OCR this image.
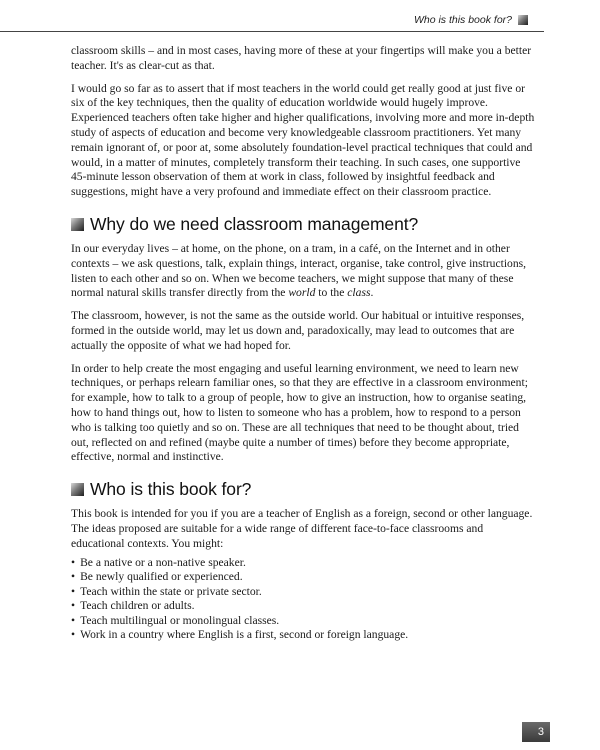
Who is this book for?

classroom skills – and in most cases, having more of these at your fingertips will make you a better teacher. It's as clear-cut as that.

I would go so far as to assert that if most teachers in the world could get really good at just five or six of the key techniques, then the quality of education worldwide would hugely improve. Experienced teachers often take higher and higher qualifications, involving more and more in-depth study of aspects of education and become very knowledgeable classroom practitioners. Yet many remain ignorant of, or poor at, some absolutely foundation-level practical techniques that could and would, in a matter of minutes, completely transform their teaching. In such cases, one supportive 45-minute lesson observation of them at work in class, followed by insightful feedback and suggestions, might have a very profound and immediate effect on their classroom practice.

Why do we need classroom management?

In our everyday lives – at home, on the phone, on a tram, in a café, on the Internet and in other contexts – we ask questions, talk, explain things, interact, organise, take control, give instructions, listen to each other and so on. When we become teachers, we might suppose that many of these normal natural skills transfer directly from the world to the class.

The classroom, however, is not the same as the outside world. Our habitual or intuitive responses, formed in the outside world, may let us down and, paradoxically, may lead to outcomes that are actually the opposite of what we had hoped for.

In order to help create the most engaging and useful learning environment, we need to learn new techniques, or perhaps relearn familiar ones, so that they are effective in a classroom environment; for example, how to talk to a group of people, how to give an instruction, how to organise seating, how to hand things out, how to listen to someone who has a problem, how to respond to a person who is talking too quietly and so on. These are all techniques that need to be thought about, tried out, reflected on and refined (maybe quite a number of times) before they become appropriate, effective, normal and instinctive.

Who is this book for?

This book is intended for you if you are a teacher of English as a foreign, second or other language. The ideas proposed are suitable for a wide range of different face-to-face classrooms and educational contexts. You might:

• Be a native or a non-native speaker.
• Be newly qualified or experienced.
• Teach within the state or private sector.
• Teach children or adults.
• Teach multilingual or monolingual classes.
• Work in a country where English is a first, second or foreign language.
3
